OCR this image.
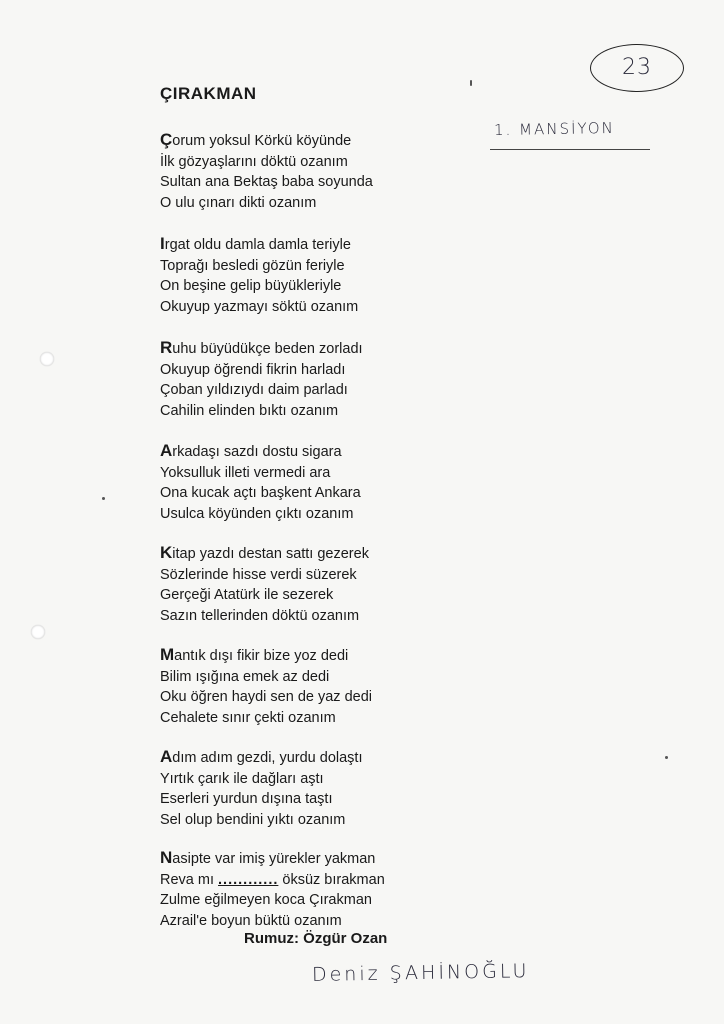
23
1. MANSİYON
ÇIRAKMAN
Çorum yoksul Körkü köyünde
İlk gözyaşlarını döktü ozanım
Sultan ana Bektaş baba soyunda
O ulu çınarı dikti ozanım
Irgat oldu damla damla teriyle
Toprağı besledi gözün feriyle
On beşine gelip büyükleriyle
Okuyup yazmayı söktü ozanım
Ruhu büyüdükçe beden zorladı
Okuyup öğrendi fikrin harladı
Çoban yıldızıydı daim parladı
Cahilin elinden bıktı ozanım
Arkadaşı sazdı dostu sigara
Yoksulluk illeti vermedi ara
Ona kucak açtı başkent Ankara
Usulca köyünden çıktı ozanım
Kitap yazdı destan sattı gezerek
Sözlerinde hisse verdi süzerek
Gerçeği Atatürk ile sezerek
Sazın tellerinden döktü ozanım
Mantık dışı fikir bize yoz dedi
Bilim ışığına emek az dedi
Oku öğren haydi sen de yaz dedi
Cehalete sınır çekti ozanım
Adım adım gezdi, yurdu dolaştı
Yırtık çarık ile dağları aştı
Eserleri yurdun dışına taştı
Sel olup bendini yıktı ozanım
Nasipte var imiş yürekler yakman
Reva mı ............ öksüz bırakman
Zulme eğilmeyen koca Çırakman
Azrail'e boyun büktü ozanım
Rumuz: Özgür Ozan
Deniz ŞAHİNOĞLU
